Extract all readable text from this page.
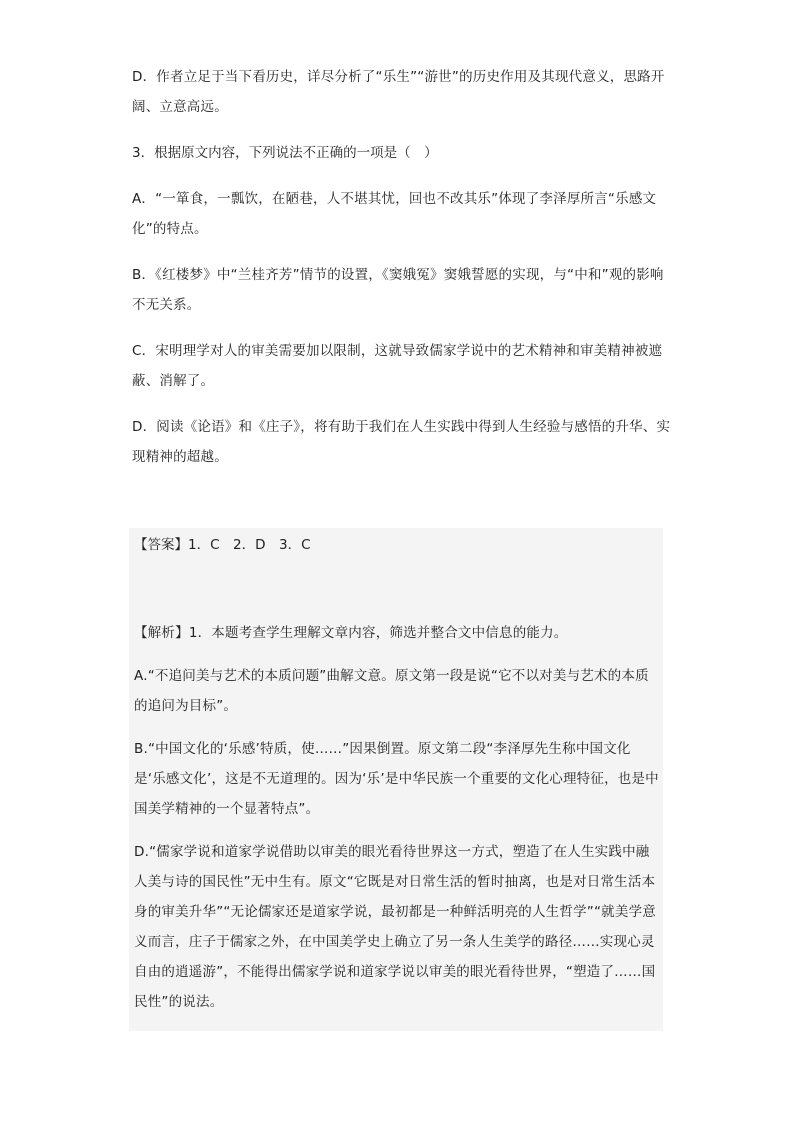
D．作者立足于当下看历史，详尽分析了“乐生”“游世”的历史作用及其现代意义，思路开阔、立意高远。

3．根据原文内容，下列说法不正确的一项是（　）

A．“一箪食，一瓢饮，在陋巷，人不堪其忧，回也不改其乐”体现了李泽厚所言“乐感文化”的特点。

B．《红楼梦》中“兰桂齐芳”情节的设置，《窦娥冤》窦娥誓愿的实现，与“中和”观的影响不无关系。

C．宋明理学对人的审美需要加以限制，这就导致儒家学说中的艺术精神和审美精神被遮蔽、消解了。

D．阅读《论语》和《庄子》，将有助于我们在人生实践中得到人生经验与感悟的升华、实现精神的超越。

【答案】1．C　2．D　3．C

【解析】1．本题考查学生理解文章内容，筛选并整合文中信息的能力。

A.“不追问美与艺术的本质问题”曲解文意。原文第一段是说“它不以对美与艺术的本质的追问为目标”。

B.“中国文化的‘乐感’特质，使……”因果倒置。原文第二段“李泽厚先生称中国文化是‘乐感文化’，这是不无道理的。因为‘乐’是中华民族一个重要的文化心理特征，也是中国美学精神的一个显著特点”。

D.“儒家学说和道家学说借助以审美的眼光看待世界这一方式，塑造了在人生实践中融人美与诗的国民性”无中生有。原文“它既是对日常生活的暂时抽离，也是对日常生活本身的审美升华”“无论儒家还是道家学说，最初都是一种鲜活明亮的人生哲学”“就美学意义而言，庄子于儒家之外，在中国美学史上确立了另一条人生美学的路径……实现心灵自由的逍遥游”，不能得出儒家学说和道家学说以审美的眼光看待世界，“塑造了……国民性”的说法。
